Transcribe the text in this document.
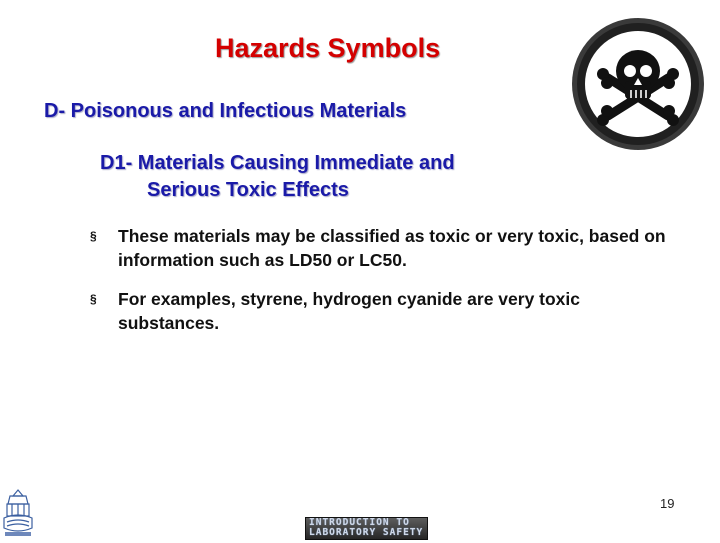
Hazards Symbols
D- Poisonous and Infectious Materials
D1- Materials Causing Immediate and
Serious Toxic Effects
§ These materials may be classified as toxic or very toxic, based on information such as LD50 or LC50.
§ For examples, styrene, hydrogen cyanide are very toxic substances.
19
INTRODUCTION TO
LABORATORY SAFETY
